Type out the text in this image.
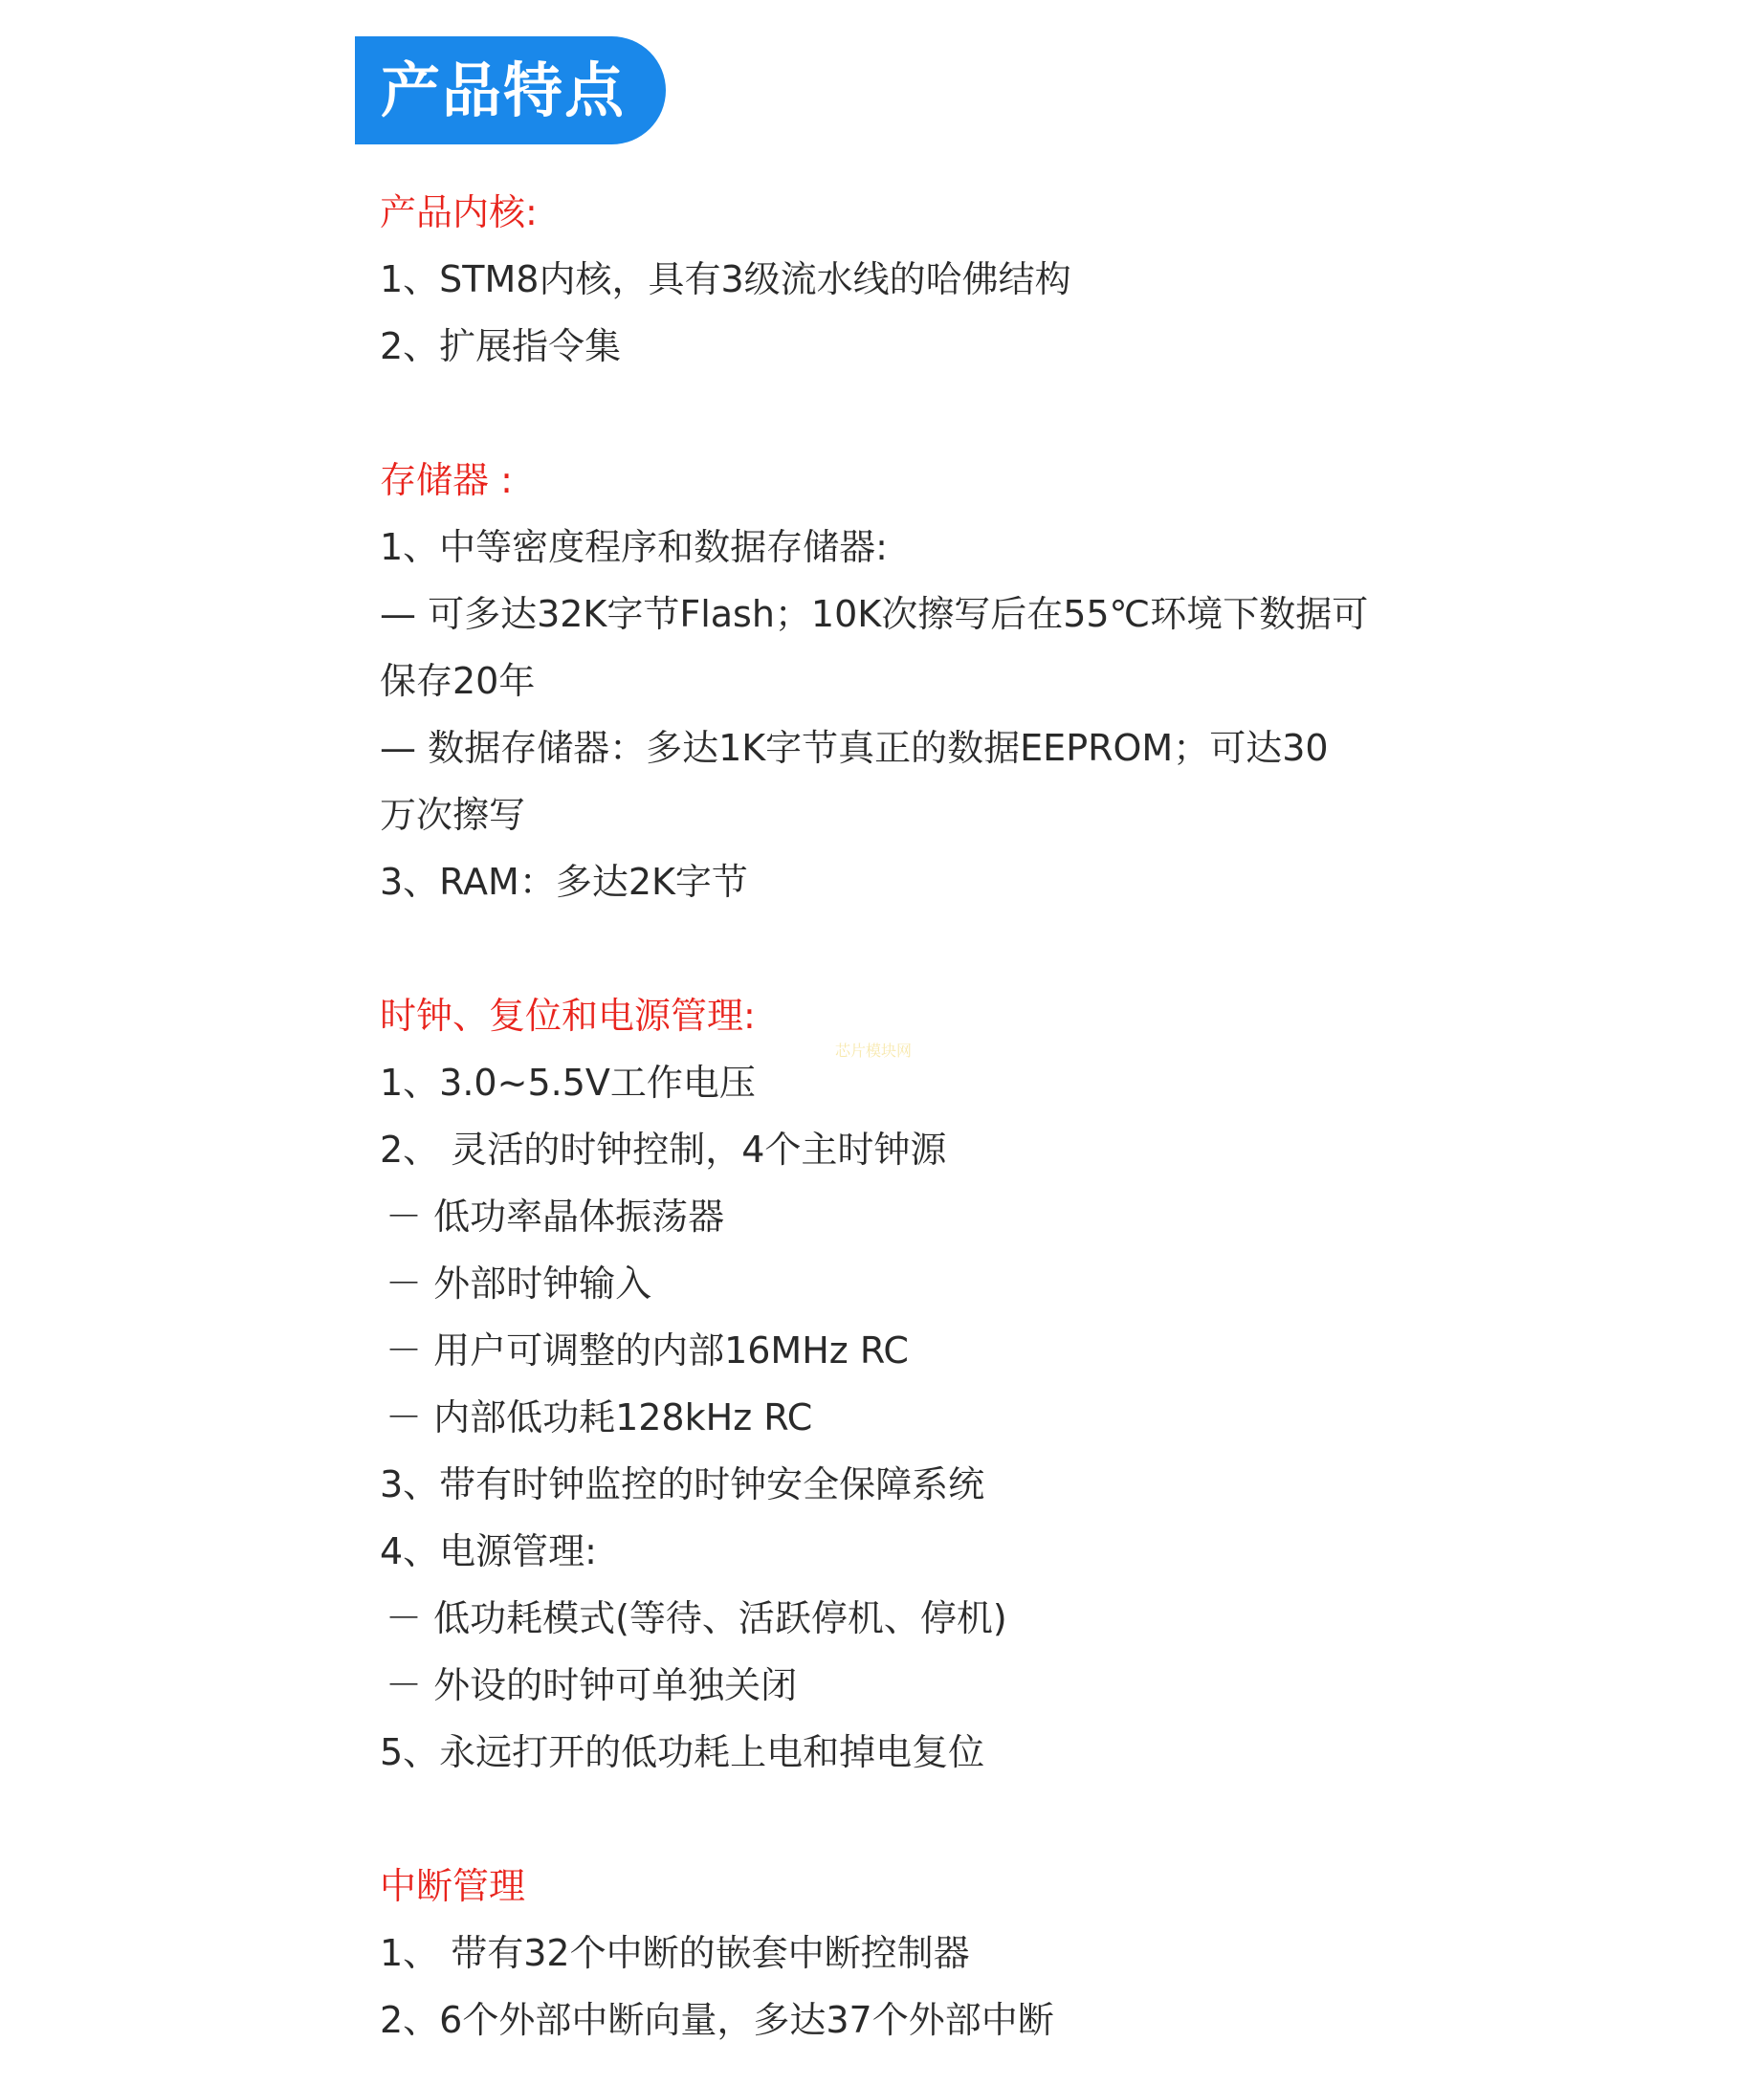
产品特点
产品内核:
1、STM8内核，具有3级流水线的哈佛结构
2、扩展指令集
存储器 :
1、中等密度程序和数据存储器:
— 可多达32K字节Flash；10K次擦写后在55℃环境下数据可
保存20年
— 数据存储器：多达1K字节真正的数据EEPROM；可达30
万次擦写
3、RAM：多达2K字节
时钟、复位和电源管理:
1、3.0~5.5V工作电压
2、 灵活的时钟控制，4个主时钟源
－ 低功率晶体振荡器
－ 外部时钟输入
－ 用户可调整的内部16MHz RC
－ 内部低功耗128kHz RC
3、带有时钟监控的时钟安全保障系统
4、电源管理:
－ 低功耗模式(等待、活跃停机、停机)
－ 外设的时钟可单独关闭
5、永远打开的低功耗上电和掉电复位
中断管理
1、 带有32个中断的嵌套中断控制器
2、6个外部中断向量，多达37个外部中断
芯片模块网
